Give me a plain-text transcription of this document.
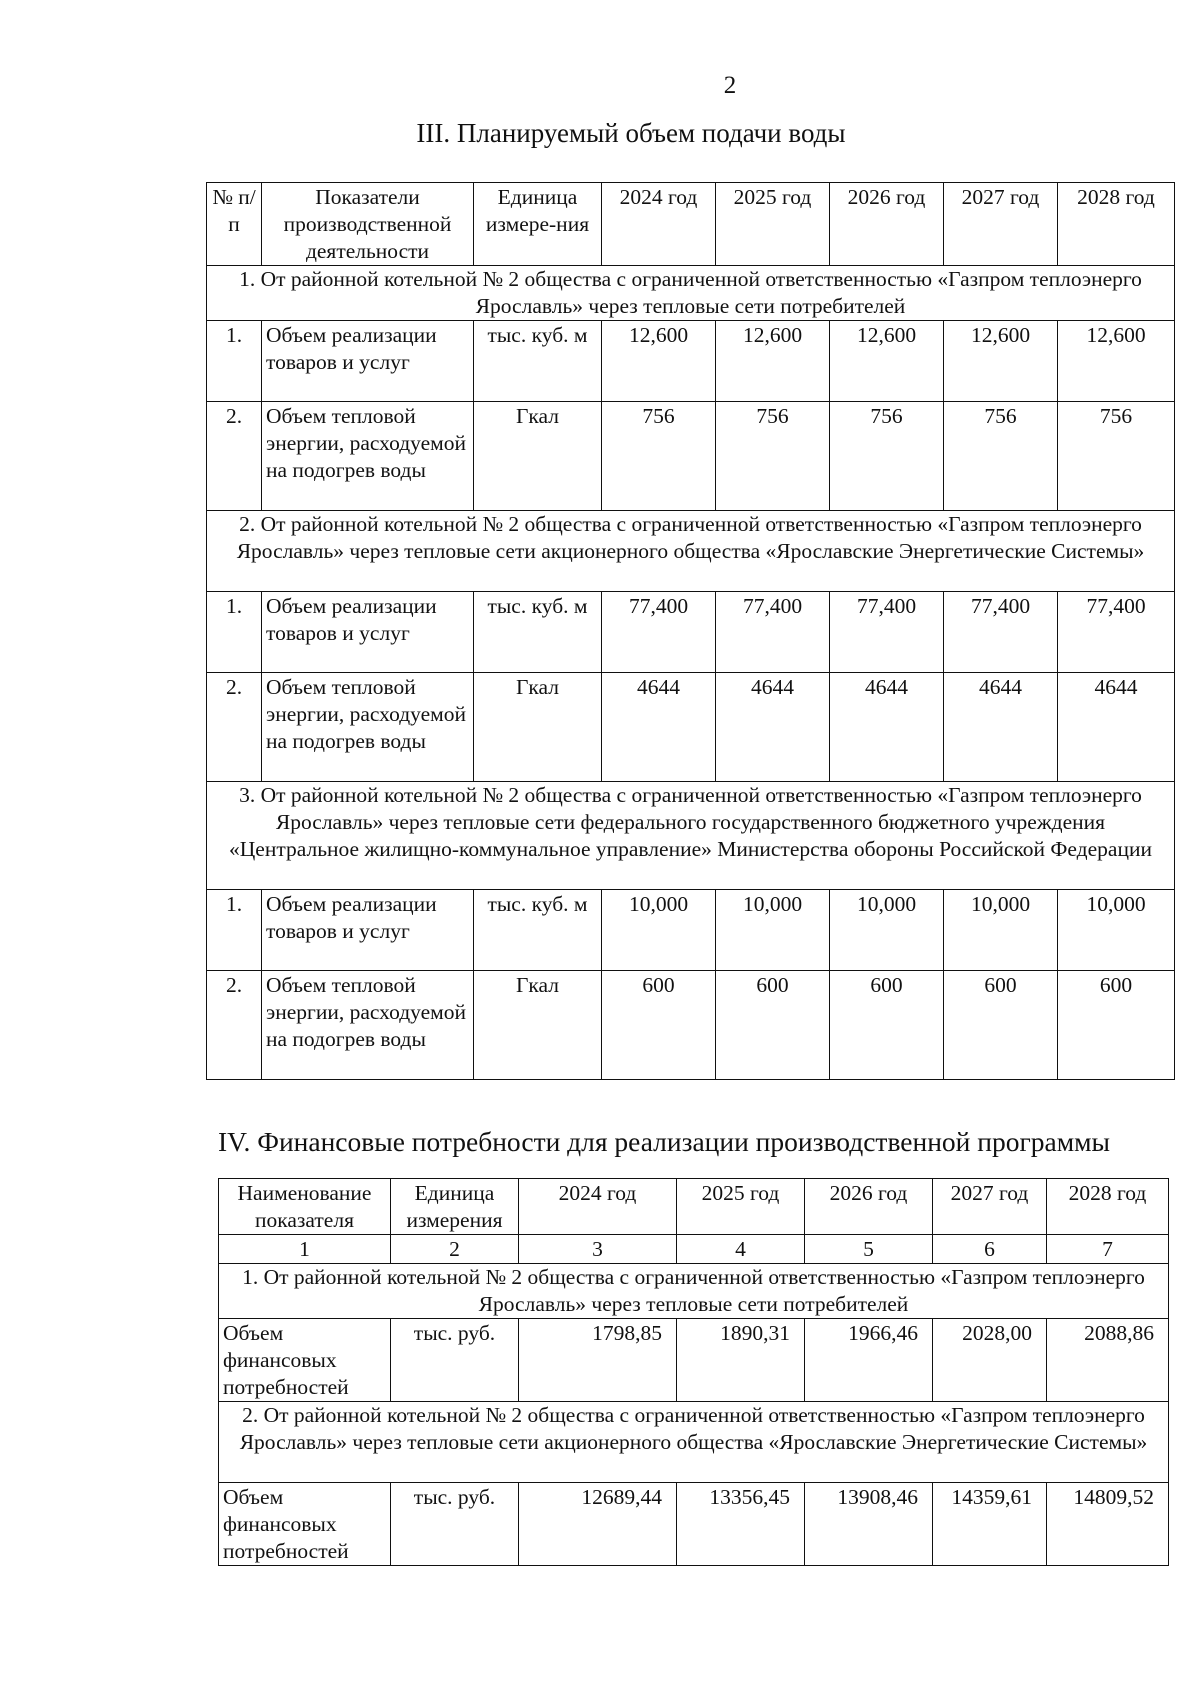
2
III. Планируемый объем подачи воды
№ п/п	Показатели производственной деятельности	Единица измере-ния	2024 год	2025 год	2026 год	2027 год	2028 год
1. От районной котельной № 2 общества с ограниченной ответственностью «Газпром теплоэнерго Ярославль» через тепловые сети потребителей							
1.	Объем реализации товаров и услуг	тыс. куб. м	12,600	12,600	12,600	12,600	12,600
2.	Объем тепловой энергии, расходуемой на подогрев воды	Гкал	756	756	756	756	756
2. От районной котельной № 2 общества с ограниченной ответственностью «Газпром теплоэнерго Ярославль» через тепловые сети акционерного общества «Ярославские Энергетические Системы»							
1.	Объем реализации товаров и услуг	тыс. куб. м	77,400	77,400	77,400	77,400	77,400
2.	Объем тепловой энергии, расходуемой на подогрев воды	Гкал	4644	4644	4644	4644	4644
3. От районной котельной № 2 общества с ограниченной ответственностью «Газпром теплоэнерго Ярославль» через тепловые сети федерального государственного бюджетного учреждения «Центральное жилищно-коммунальное управление» Министерства обороны Российской Федерации							
1.	Объем реализации товаров и услуг	тыс. куб. м	10,000	10,000	10,000	10,000	10,000
2.	Объем тепловой энергии, расходуемой на подогрев воды	Гкал	600	600	600	600	600
IV. Финансовые потребности для реализации производственной программы
Наименование показателя	Единица измерения	2024 год	2025 год	2026 год	2027 год	2028 год
1	2	3	4	5	6	7
1. От районной котельной № 2 общества с ограниченной ответственностью «Газпром теплоэнерго Ярославль» через тепловые сети потребителей						
Объем финансовых потребностей	тыс. руб.	1798,85	1890,31	1966,46	2028,00	2088,86
2. От районной котельной № 2 общества с ограниченной ответственностью «Газпром теплоэнерго Ярославль» через тепловые сети акционерного общества «Ярославские Энергетические Системы»						
Объем финансовых потребностей	тыс. руб.	12689,44	13356,45	13908,46	14359,61	14809,52
